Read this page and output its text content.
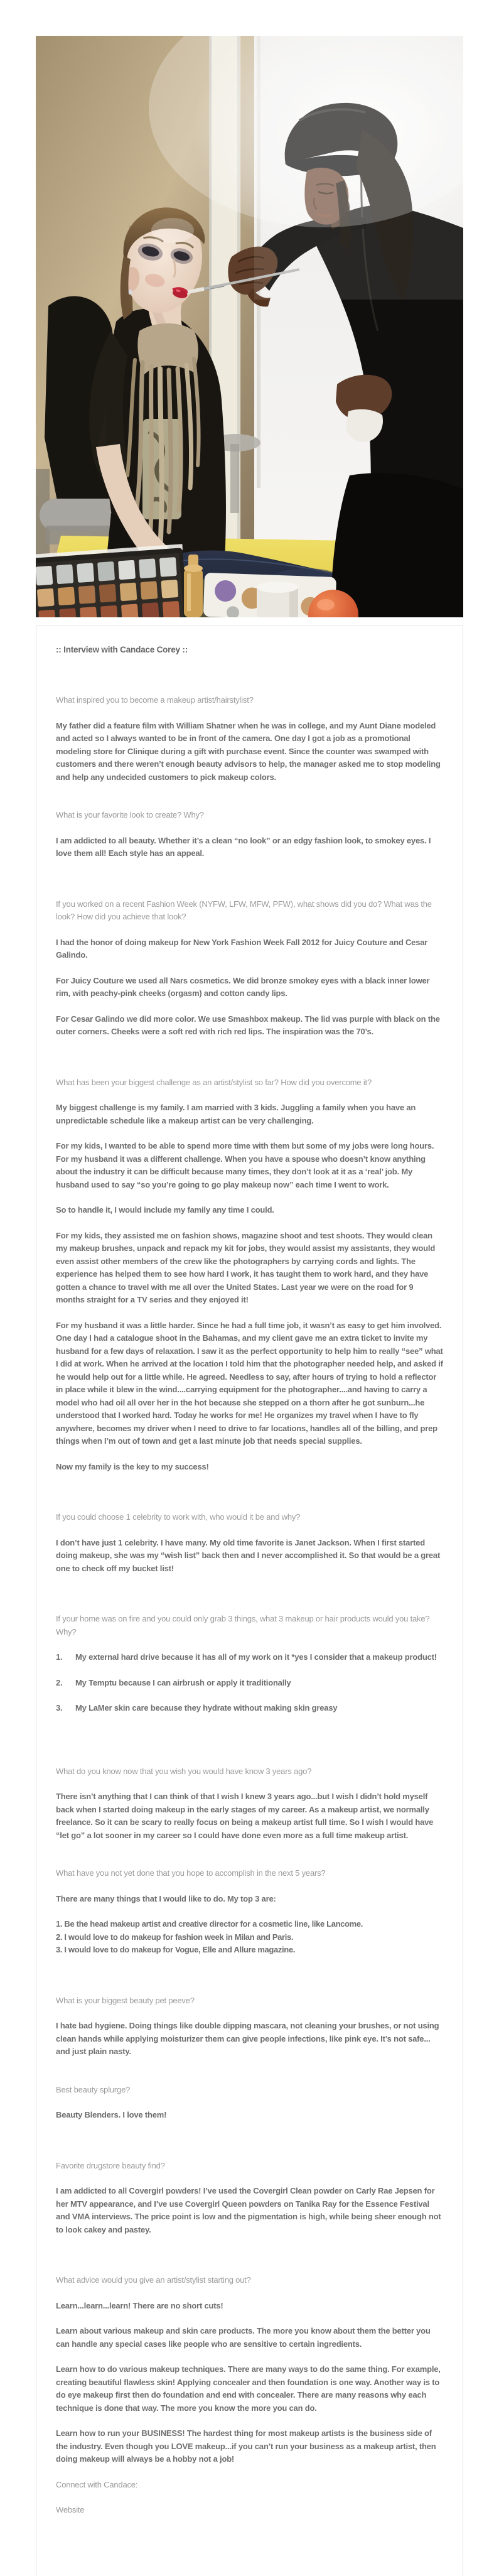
:: Interview with Candace Corey ::

What inspired you to become a makeup artist/hairstylist?

My father did a feature film with William Shatner when he was in college, and my Aunt Diane modeled and acted so I always wanted to be in front of the camera. One day I got a job as a promotional modeling store for Clinique during a gift with purchase event. Since the counter was swamped with customers and there weren’t enough beauty advisors to help, the manager asked me to stop modeling and help any undecided customers to pick makeup colors.

What is your favorite look to create? Why?

I am addicted to all beauty. Whether it’s a clean “no look” or an edgy fashion look, to smokey eyes. I love them all! Each style has an appeal.

If you worked on a recent Fashion Week (NYFW, LFW, MFW, PFW), what shows did you do? What was the look? How did you achieve that look?

I had the honor of doing makeup for New York Fashion Week Fall 2012 for Juicy Couture and Cesar Galindo.

For Juicy Couture we used all Nars cosmetics. We did bronze smokey eyes with a black inner lower rim, with peachy-pink cheeks (orgasm) and cotton candy lips.

For Cesar Galindo we did more color. We use Smashbox makeup. The lid was purple with black on the outer corners. Cheeks were a soft red with rich red lips. The inspiration was the 70’s.

What has been your biggest challenge as an artist/stylist so far? How did you overcome it?

My biggest challenge is my family. I am married with 3 kids. Juggling a family when you have an unpredictable schedule like a makeup artist can be very challenging.

For my kids, I wanted to be able to spend more time with them but some of my jobs were long hours. For my husband it was a different challenge. When you have a spouse who doesn’t know anything about the industry it can be difficult because many times, they don’t look at it as a ‘real’ job. My husband used to say “so you’re going to go play makeup now” each time I went to work.

So to handle it, I would include my family any time I could.

For my kids, they assisted me on fashion shows, magazine shoot and test shoots. They would clean my makeup brushes, unpack and repack my kit for jobs, they would assist my assistants, they would even assist other members of the crew like the photographers by carrying cords and lights. The experience has helped them to see how hard I work, it has taught them to work hard, and they have gotten a chance to travel with me all over the United States. Last year we were on the road for 9 months straight for a TV series and they enjoyed it!

For my husband it was a little harder. Since he had a full time job, it wasn’t as easy to get him involved. One day I had a catalogue shoot in the Bahamas, and my client gave me an extra ticket to invite my husband for a few days of relaxation. I saw it as the perfect opportunity to help him to really “see” what I did at work. When he arrived at the location I told him that the photographer needed help, and asked if he would help out for a little while. He agreed. Needless to say, after hours of trying to hold a reflector in place while it blew in the wind....carrying equipment for the photographer....and having to carry a model who had oil all over her in the hot because she stepped on a thorn after he got sunburn...he understood that I worked hard. Today he works for me! He organizes my travel when I have to fly anywhere, becomes my driver when I need to drive to far locations, handles all of the billing, and prep things when I’m out of town and get a last minute job that needs special supplies.

Now my family is the key to my success!

If you could choose 1 celebrity to work with, who would it be and why?

I don’t have just 1 celebrity. I have many. My old time favorite is Janet Jackson. When I first started doing makeup, she was my “wish list” back then and I never accomplished it. So that would be a great one to check off my bucket list!

If your home was on fire and you could only grab 3 things, what 3 makeup or hair products would you take? Why?

1.	My external hard drive because it has all of my work on it *yes I consider that a makeup product!

2.	My Temptu because I can airbrush or apply it traditionally

3.	My LaMer skin care because they hydrate without making skin greasy

What do you know now that you wish you would have know 3 years ago?

There isn’t anything that I can think of that I wish I knew 3 years ago...but I wish I didn’t hold myself back when I started doing makeup in the early stages of my career. As a makeup artist, we normally freelance. So it can be scary to really focus on being a makeup artist full time. So I wish I would have “let go” a lot sooner in my career so I could have done even more as a full time makeup artist.

What have you not yet done that you hope to accomplish in the next 5 years?

There are many things that I would like to do. My top 3 are:

1. Be the head makeup artist and creative director for a cosmetic line, like Lancome.

2. I would love to do makeup for fashion week in Milan and Paris.

3. I would love to do makeup for Vogue, Elle and Allure magazine.

What is your biggest beauty pet peeve?

I hate bad hygiene. Doing things like double dipping mascara, not cleaning your brushes, or not using clean hands while applying moisturizer them can give people infections, like pink eye. It’s not safe... and just plain nasty.

Best beauty splurge?

Beauty Blenders. I love them!

Favorite drugstore beauty find?

I am addicted to all Covergirl powders! I’ve used the Covergirl Clean powder on Carly Rae Jepsen for her MTV appearance, and I’ve use Covergirl Queen powders on Tanika Ray for the Essence Festival and VMA interviews. The price point is low and the pigmentation is high, while being sheer enough not to look cakey and pastey.

What advice would you give an artist/stylist starting out?

Learn...learn...learn! There are no short cuts!

Learn about various makeup and skin care products. The more you know about them the better you can handle any special cases like people who are sensitive to certain ingredients.

Learn how to do various makeup techniques. There are many ways to do the same thing. For example, creating beautiful flawless skin! Applying concealer and then foundation is one way. Another way is to do eye makeup first then do foundation and end with concealer. There are many reasons why each technique is done that way. The more you know the more you can do.

Learn how to run your BUSINESS! The hardest thing for most makeup artists is the business side of the industry. Even though you LOVE makeup...if you can’t run your business as a makeup artist, then doing makeup will always be a hobby not a job!

Connect with Candace:

Website
